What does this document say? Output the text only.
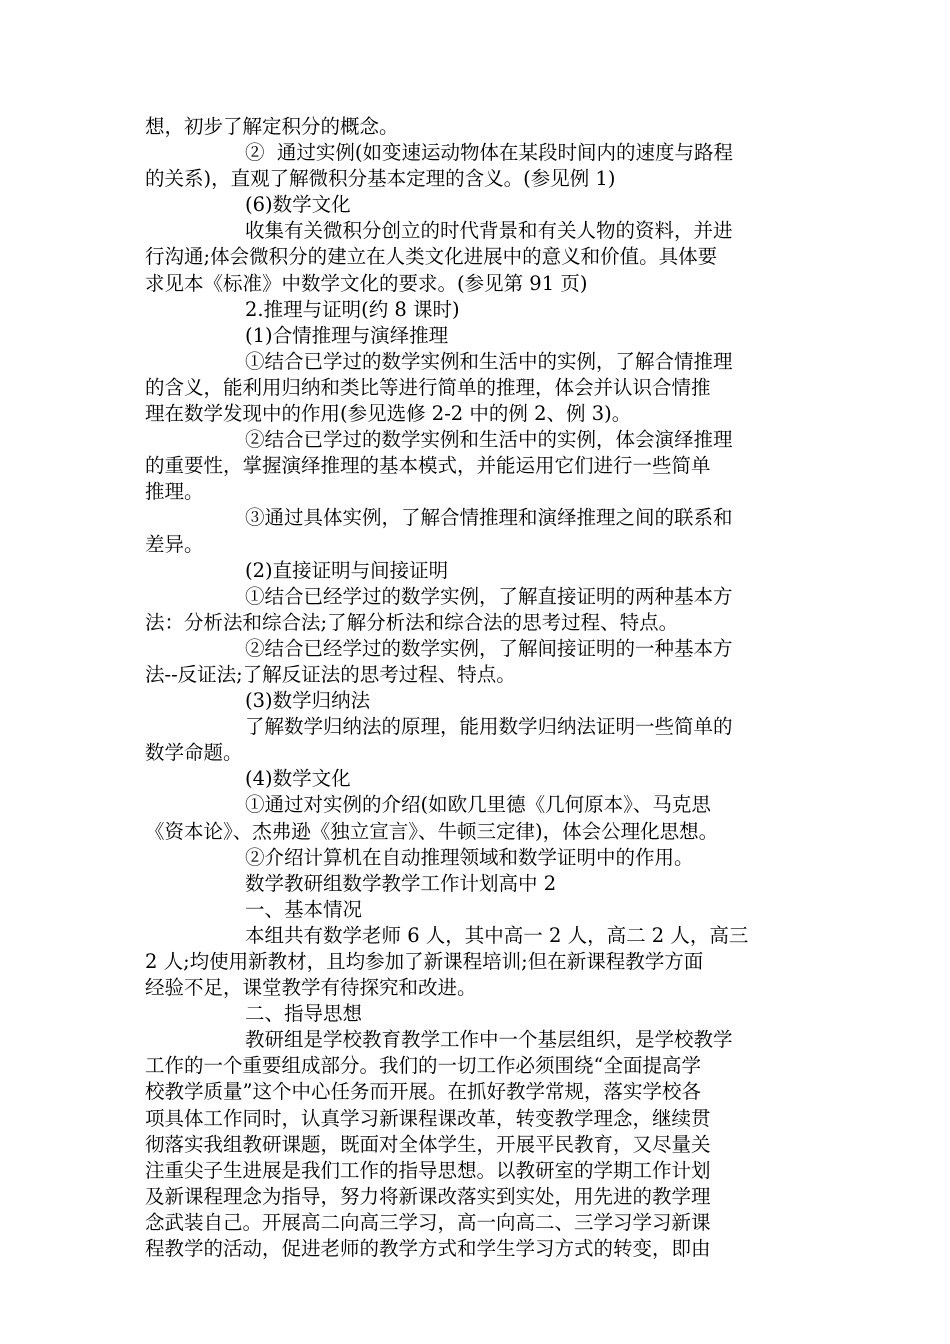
想，初步了解定积分的概念。
②  通过实例(如变速运动物体在某段时间内的速度与路程
的关系)，直观了解微积分基本定理的含义。(参见例 1)
(6)数学文化
收集有关微积分创立的时代背景和有关人物的资料，并进
行沟通;体会微积分的建立在人类文化进展中的意义和价值。具体要
求见本《标准》中数学文化的要求。(参见第 91 页)
2.推理与证明(约 8 课时)
(1)合情推理与演绎推理
①结合已学过的数学实例和生活中的实例，了解合情推理
的含义，能利用归纳和类比等进行简单的推理，体会并认识合情推
理在数学发现中的作用(参见选修 2-2 中的例 2、例 3)。
②结合已学过的数学实例和生活中的实例，体会演绎推理
的重要性，掌握演绎推理的基本模式，并能运用它们进行一些简单
推理。
③通过具体实例，了解合情推理和演绎推理之间的联系和
差异。
(2)直接证明与间接证明
①结合已经学过的数学实例，了解直接证明的两种基本方
法：分析法和综合法;了解分析法和综合法的思考过程、特点。
②结合已经学过的数学实例，了解间接证明的一种基本方
法--反证法;了解反证法的思考过程、特点。
(3)数学归纳法
了解数学归纳法的原理，能用数学归纳法证明一些简单的
数学命题。
(4)数学文化
①通过对实例的介绍(如欧几里德《几何原本》、马克思
《资本论》、杰弗逊《独立宣言》、牛顿三定律)，体会公理化思想。
②介绍计算机在自动推理领域和数学证明中的作用。
数学教研组数学教学工作计划高中 2
一、基本情况
本组共有数学老师 6 人，其中高一 2 人，高二 2 人，高三
2 人;均使用新教材，且均参加了新课程培训;但在新课程教学方面
经验不足，课堂教学有待探究和改进。
二、指导思想
教研组是学校教育教学工作中一个基层组织，是学校教学
工作的一个重要组成部分。我们的一切工作必须围绕“全面提高学
校教学质量”这个中心任务而开展。在抓好教学常规，落实学校各
项具体工作同时，认真学习新课程课改革，转变教学理念，继续贯
彻落实我组教研课题，既面对全体学生，开展平民教育，又尽量关
注重尖子生进展是我们工作的指导思想。以教研室的学期工作计划
及新课程理念为指导，努力将新课改落实到实处，用先进的教学理
念武装自己。开展高二向高三学习，高一向高二、三学习学习新课
程教学的活动，促进老师的教学方式和学生学习方式的转变，即由
